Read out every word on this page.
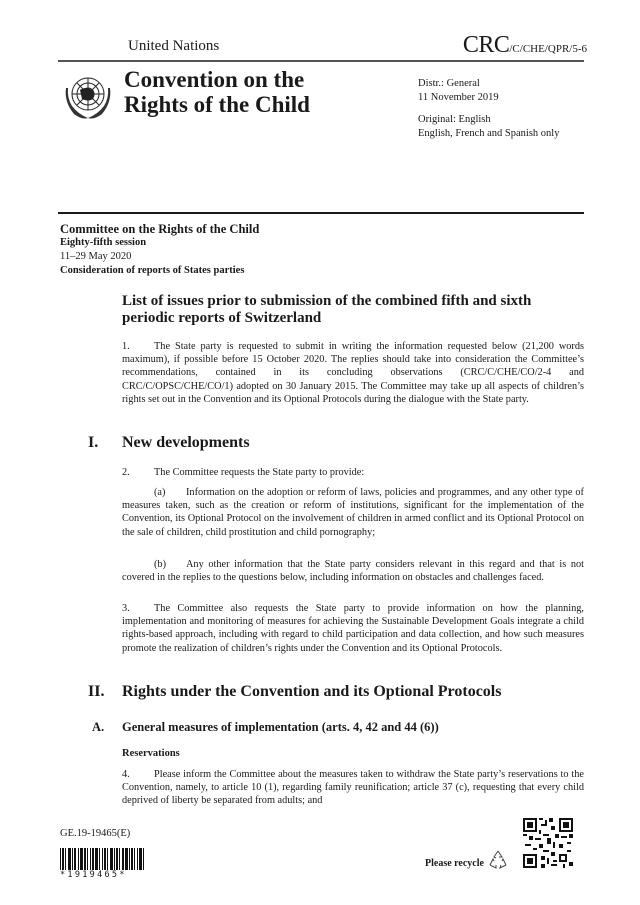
United Nations	CRC/C/CHE/QPR/5-6
Convention on the
Rights of the Child
Distr.: General
11 November 2019
Original: English
English, French and Spanish only
Committee on the Rights of the Child
Eighty-fifth session
11–29 May 2020
Consideration of reports of States parties
List of issues prior to submission of the combined fifth and sixth periodic reports of Switzerland
1. The State party is requested to submit in writing the information requested below (21,200 words maximum), if possible before 15 October 2020. The replies should take into consideration the Committee’s recommendations, contained in its concluding observations (CRC/C/CHE/CO/2-4 and CRC/C/OPSC/CHE/CO/1) adopted on 30 January 2015. The Committee may take up all aspects of children’s rights set out in the Convention and its Optional Protocols during the dialogue with the State party.
I. New developments
2. The Committee requests the State party to provide:
(a) Information on the adoption or reform of laws, policies and programmes, and any other type of measures taken, such as the creation or reform of institutions, significant for the implementation of the Convention, its Optional Protocol on the involvement of children in armed conflict and its Optional Protocol on the sale of children, child prostitution and child pornography;
(b) Any other information that the State party considers relevant in this regard and that is not covered in the replies to the questions below, including information on obstacles and challenges faced.
3. The Committee also requests the State party to provide information on how the planning, implementation and monitoring of measures for achieving the Sustainable Development Goals integrate a child rights-based approach, including with regard to child participation and data collection, and how such measures promote the realization of children’s rights under the Convention and its Optional Protocols.
II. Rights under the Convention and its Optional Protocols
A. General measures of implementation (arts. 4, 42 and 44 (6))
Reservations
4. Please inform the Committee about the measures taken to withdraw the State party’s reservations to the Convention, namely, to article 10 (1), regarding family reunification; article 37 (c), requesting that every child deprived of liberty be separated from adults; and
GE.19-19465(E)
*1919465*
Please recycle
